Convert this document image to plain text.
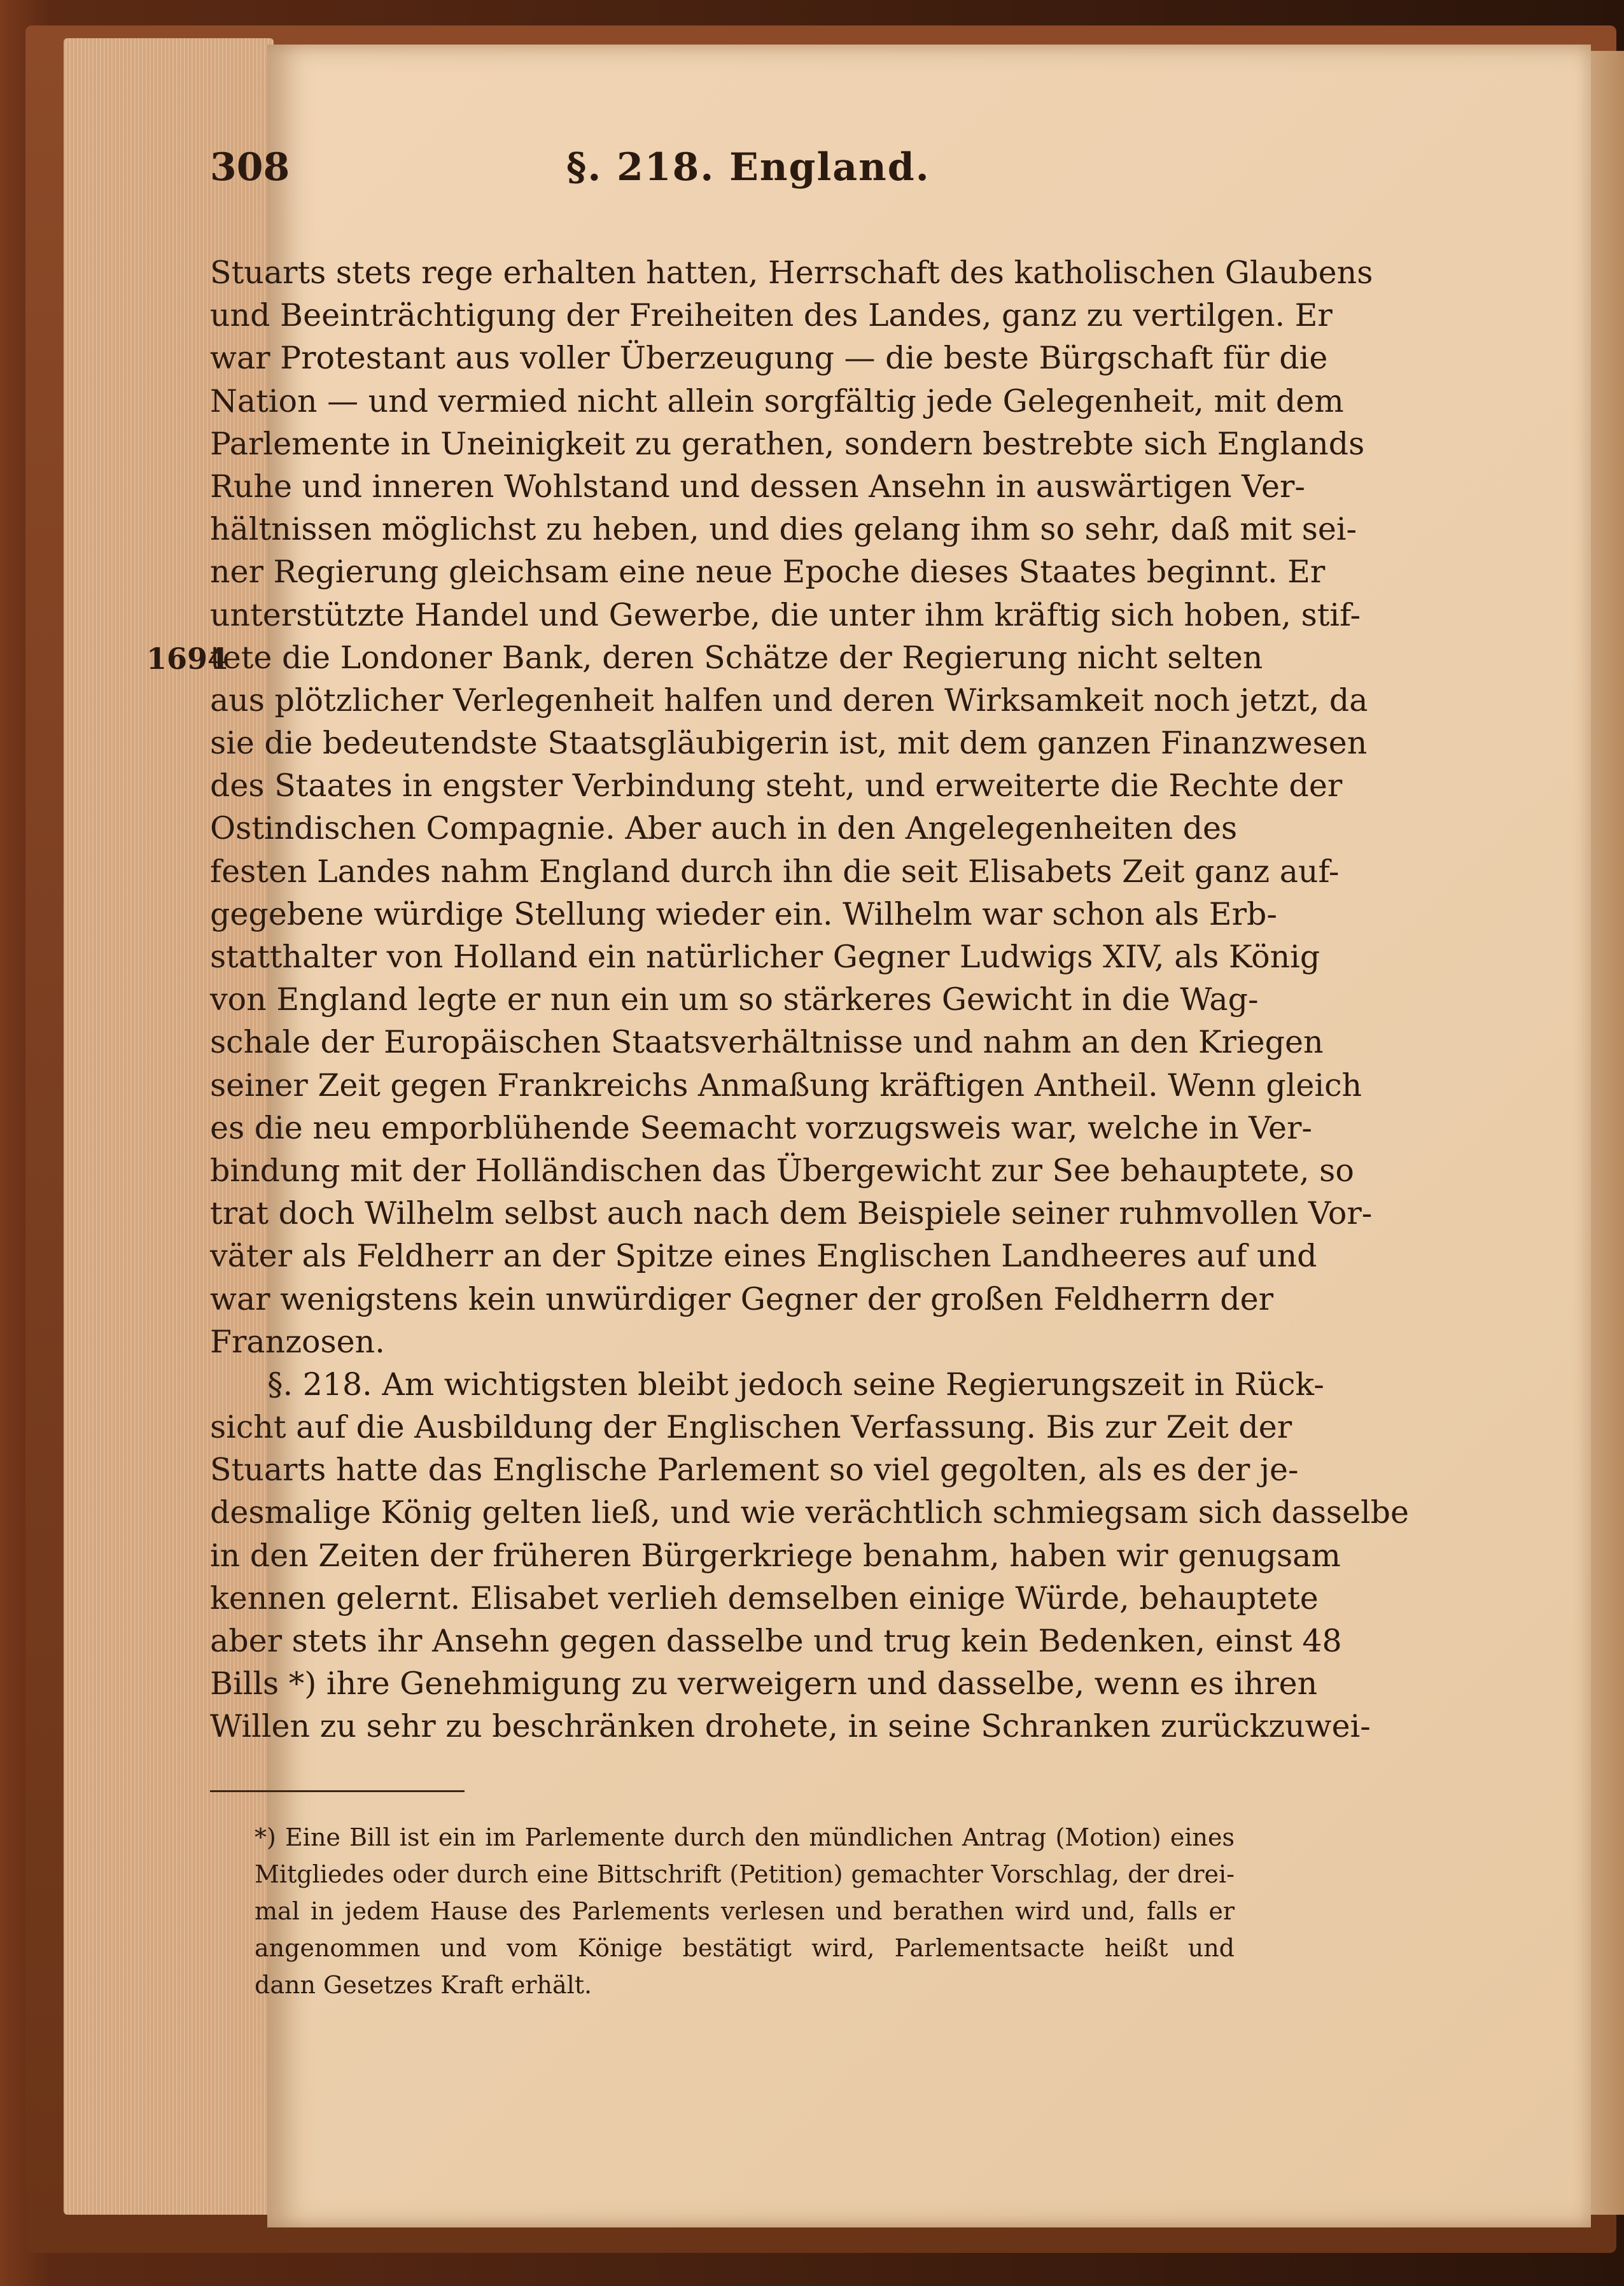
308	§. 218. England.
1694
Stuarts stets rege erhalten hatten, Herrschaft des katholischen Glaubens
und Beeinträchtigung der Freiheiten des Landes, ganz zu vertilgen. Er
war Protestant aus voller Überzeugung — die beste Bürgschaft für die
Nation — und vermied nicht allein sorgfältig jede Gelegenheit, mit dem
Parlemente in Uneinigkeit zu gerathen, sondern bestrebte sich Englands
Ruhe und inneren Wohlstand und dessen Ansehn in auswärtigen Ver-
hältnissen möglichst zu heben, und dies gelang ihm so sehr, daß mit sei-
ner Regierung gleichsam eine neue Epoche dieses Staates beginnt. Er
unterstützte Handel und Gewerbe, die unter ihm kräftig sich hoben, stif-
tete die Londoner Bank, deren Schätze der Regierung nicht selten
aus plötzlicher Verlegenheit halfen und deren Wirksamkeit noch jetzt, da
sie die bedeutendste Staatsgläubigerin ist, mit dem ganzen Finanzwesen
des Staates in engster Verbindung steht, und erweiterte die Rechte der
Ostindischen Compagnie. Aber auch in den Angelegenheiten des
festen Landes nahm England durch ihn die seit Elisabets Zeit ganz auf-
gegebene würdige Stellung wieder ein. Wilhelm war schon als Erb-
statthalter von Holland ein natürlicher Gegner Ludwigs XIV, als König
von England legte er nun ein um so stärkeres Gewicht in die Wag-
schale der Europäischen Staatsverhältnisse und nahm an den Kriegen
seiner Zeit gegen Frankreichs Anmaßung kräftigen Antheil. Wenn gleich
es die neu emporblühende Seemacht vorzugsweis war, welche in Ver-
bindung mit der Holländischen das Übergewicht zur See behauptete, so
trat doch Wilhelm selbst auch nach dem Beispiele seiner ruhmvollen Vor-
väter als Feldherr an der Spitze eines Englischen Landheeres auf und
war wenigstens kein unwürdiger Gegner der großen Feldherrn der
Franzosen.
§. 218. Am wichtigsten bleibt jedoch seine Regierungszeit in Rück-
sicht auf die Ausbildung der Englischen Verfassung. Bis zur Zeit der
Stuarts hatte das Englische Parlement so viel gegolten, als es der je-
desmalige König gelten ließ, und wie verächtlich schmiegsam sich dasselbe
in den Zeiten der früheren Bürgerkriege benahm, haben wir genugsam
kennen gelernt. Elisabet verlieh demselben einige Würde, behauptete
aber stets ihr Ansehn gegen dasselbe und trug kein Bedenken, einst 48
Bills *) ihre Genehmigung zu verweigern und dasselbe, wenn es ihren
Willen zu sehr zu beschränken drohete, in seine Schranken zurückzuwei-
*) Eine Bill ist ein im Parlemente durch den mündlichen Antrag (Motion) eines
Mitgliedes oder durch eine Bittschrift (Petition) gemachter Vorschlag, der drei-
mal in jedem Hause des Parlements verlesen und berathen wird und, falls er
angenommen und vom Könige bestätigt wird, Parlementsacte heißt und
dann Gesetzes Kraft erhält.
